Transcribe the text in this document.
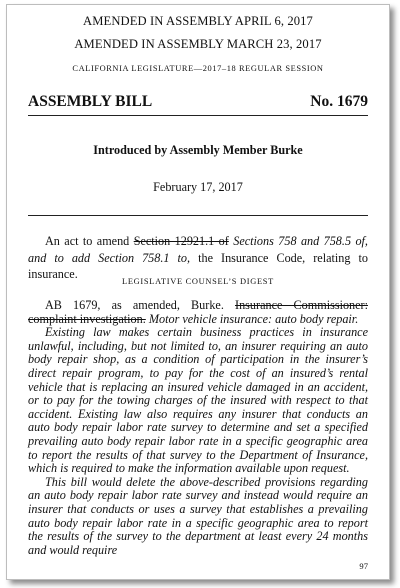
AMENDED IN ASSEMBLY APRIL 6, 2017
AMENDED IN ASSEMBLY MARCH 23, 2017
CALIFORNIA LEGISLATURE—2017–18 REGULAR SESSION
ASSEMBLY BILL	No. 1679
Introduced by Assembly Member Burke
February 17, 2017
An act to amend Section 12921.1 of Sections 758 and 758.5 of, and to add Section 758.1 to, the Insurance Code, relating to insurance.
LEGISLATIVE COUNSEL’S DIGEST

AB 1679, as amended, Burke. Insurance Commissioner: complaint investigation. Motor vehicle insurance: auto body repair.

Existing law makes certain business practices in insurance unlawful, including, but not limited to, an insurer requiring an auto body repair shop, as a condition of participation in the insurer’s direct repair program, to pay for the cost of an insured’s rental vehicle that is replacing an insured vehicle damaged in an accident, or to pay for the towing charges of the insured with respect to that accident. Existing law also requires any insurer that conducts an auto body repair labor rate survey to determine and set a specified prevailing auto body repair labor rate in a specific geographic area to report the results of that survey to the Department of Insurance, which is required to make the information available upon request.

This bill would delete the above-described provisions regarding an auto body repair labor rate survey and instead would require an insurer that conducts or uses a survey that establishes a prevailing auto body repair labor rate in a specific geographic area to report the results of the survey to the department at least every 24 months and would require

97
